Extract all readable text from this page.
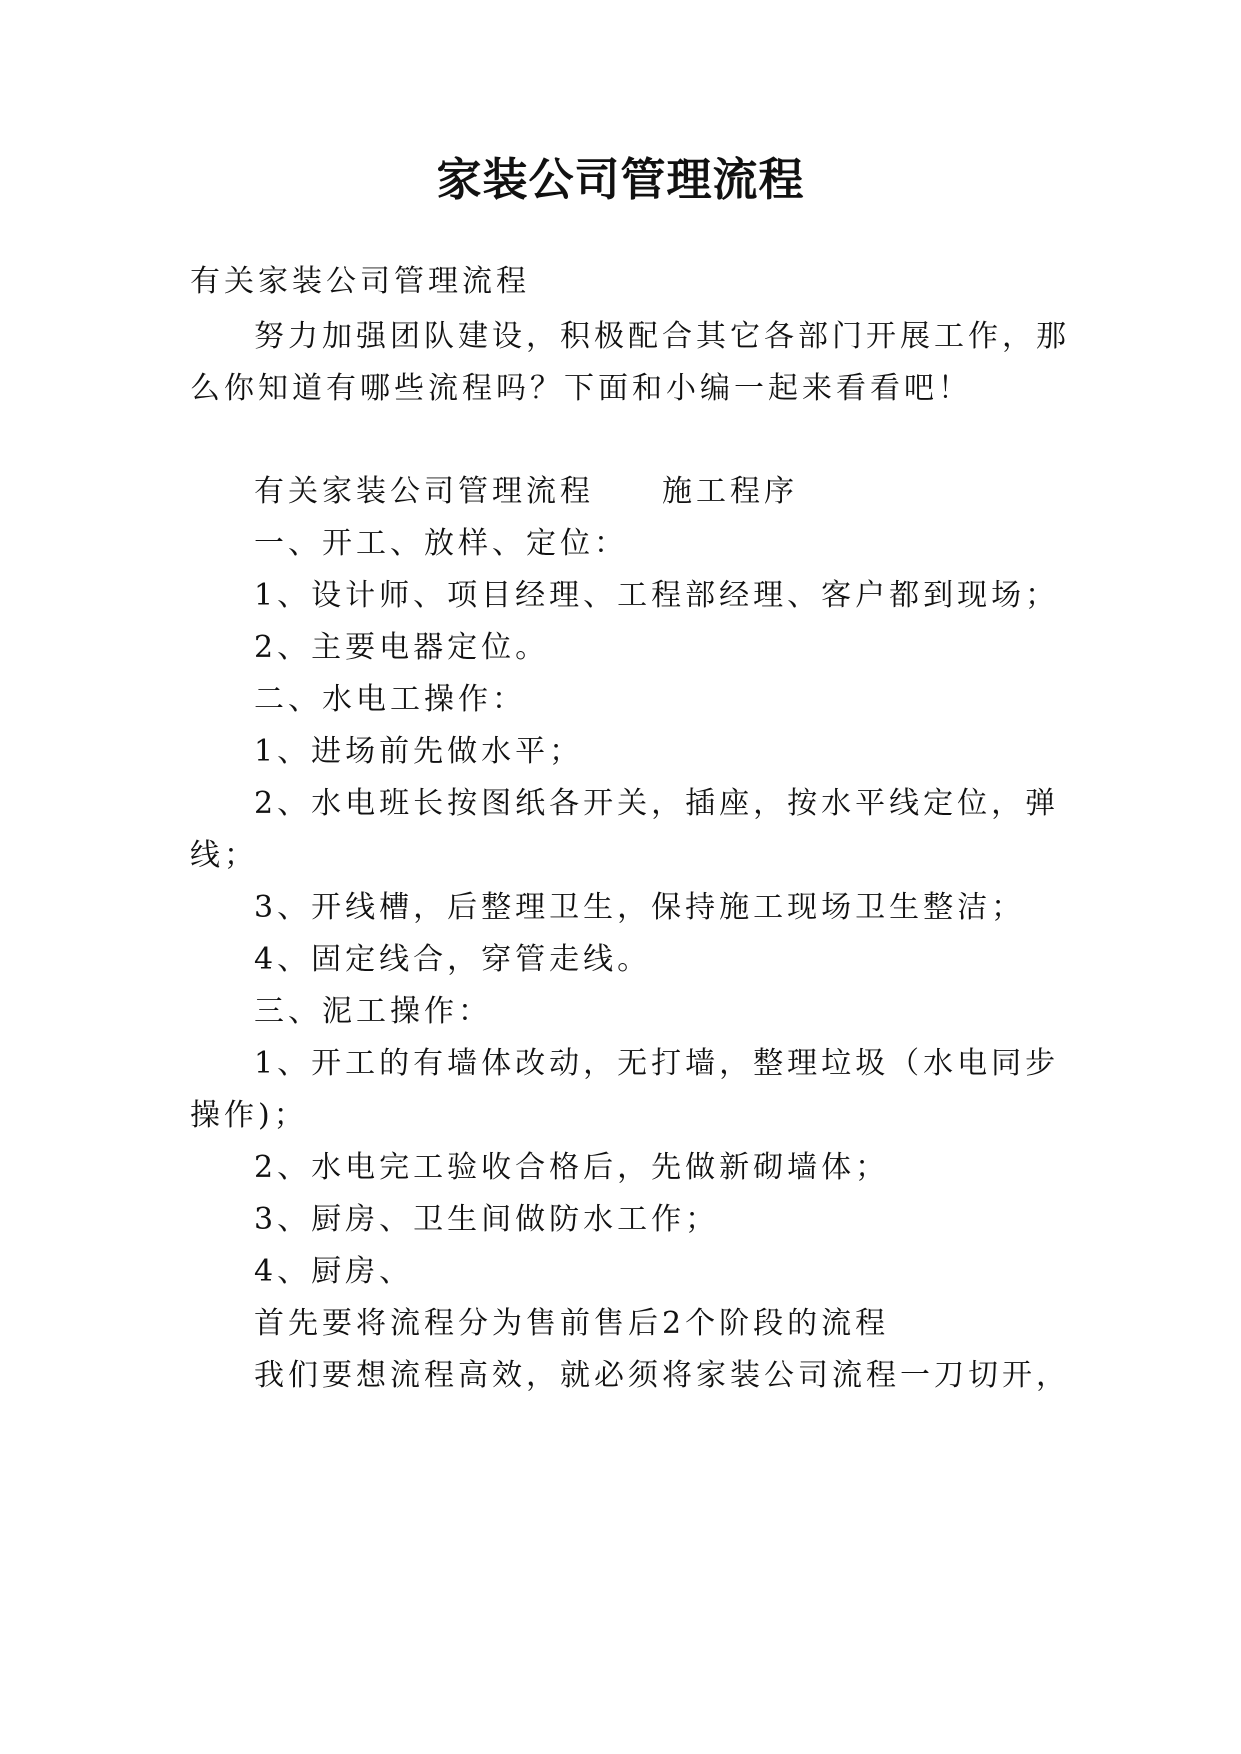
家装公司管理流程
有关家装公司管理流程
努力加强团队建设，积极配合其它各部门开展工作，那
么你知道有哪些流程吗？下面和小编一起来看看吧！
有关家装公司管理流程　　施工程序
一、开工、放样、定位：
1、设计师、项目经理、工程部经理、客户都到现场；
2、主要电器定位。
二、水电工操作：
1、进场前先做水平；
2、水电班长按图纸各开关，插座，按水平线定位，弹
线；
3、开线槽，后整理卫生，保持施工现场卫生整洁；
4、固定线合，穿管走线。
三、泥工操作：
1、开工的有墙体改动，无打墙，整理垃圾（水电同步
操作)；
2、水电完工验收合格后，先做新砌墙体；
3、厨房、卫生间做防水工作；
4、厨房、
首先要将流程分为售前售后2个阶段的流程
我们要想流程高效，就必须将家装公司流程一刀切开，
